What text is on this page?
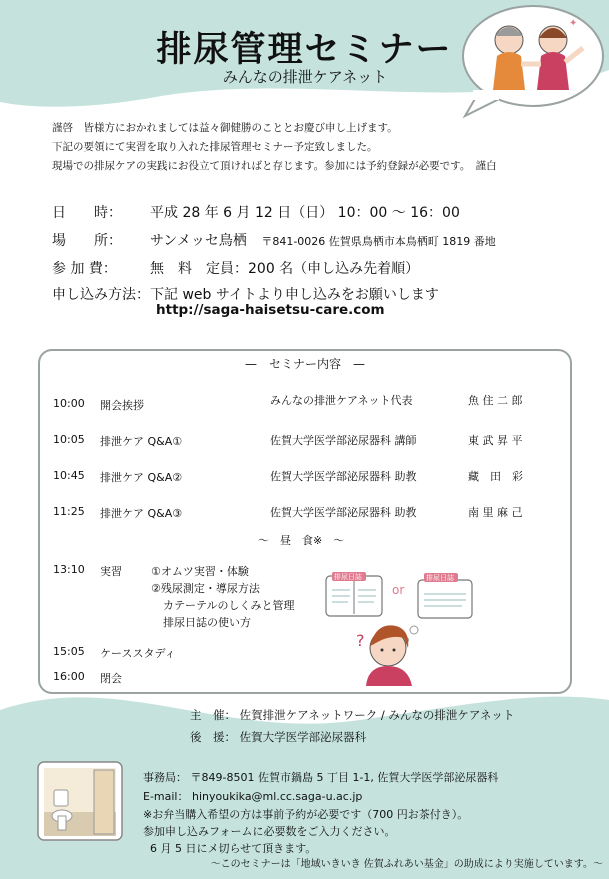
排尿管理セミナー
みんなの排泄ケアネット
✦
謹啓　皆様方におかれましては益々御健勝のこととお慶び申し上げます。
下記の要領にて実習を取り入れた排尿管理セミナー予定致しました。
現場での排尿ケアの実践にお役立て頂ければと存じます。参加には予約登録が必要です。　謹白
日　　時： 平成 28 年 6 月 12 日（日） 10：00 〜 16：00
場　　所： サンメッセ鳥栖 〒841-0026 佐賀県鳥栖市本鳥栖町 1819 番地
参 加 費： 無　料　定員：200 名（申し込み先着順）
申し込み方法：下記 web サイトより申し込みをお願いします
http://saga-haisetsu-care.com
—　セミナー内容　—
10:00 開会挨拶	みんなの排泄ケアネット代表	魚 住 二 郎
10:05 排泄ケア Q&A①	佐賀大学医学部泌尿器科 講師	東 武 昇 平
10:45 排泄ケア Q&A②	佐賀大学医学部泌尿器科 助教	藏　田　彩
11:25 排泄ケア Q&A③	佐賀大学医学部泌尿器科 助教	南 里 麻 己
〜　昼　食※　〜
13:10 実習	①オムツ実習・体験
②残尿測定・導尿方法
カテーテルのしくみと管理
排尿日誌の使い方
15:05 ケーススタディ
16:00 閉会
排尿日誌
or
排尿日誌
?
主　催： 佐賀排泄ケアネットワーク / みんなの排泄ケアネット
後　援： 佐賀大学医学部泌尿器科
事務局： 〒849-8501 佐賀市鍋島 5 丁目 1-1, 佐賀大学医学部泌尿器科
E-mail： hinyoukika@ml.cc.saga-u.ac.jp
※お弁当購入希望の方は事前予約が必要です（700 円お茶付き）。
参加申し込みフォームに必要数をご入力ください。
6 月 5 日にメ切らせて頂きます。
〜このセミナーは「地域いきいき 佐賀ふれあい基金」の助成により実施しています。〜
